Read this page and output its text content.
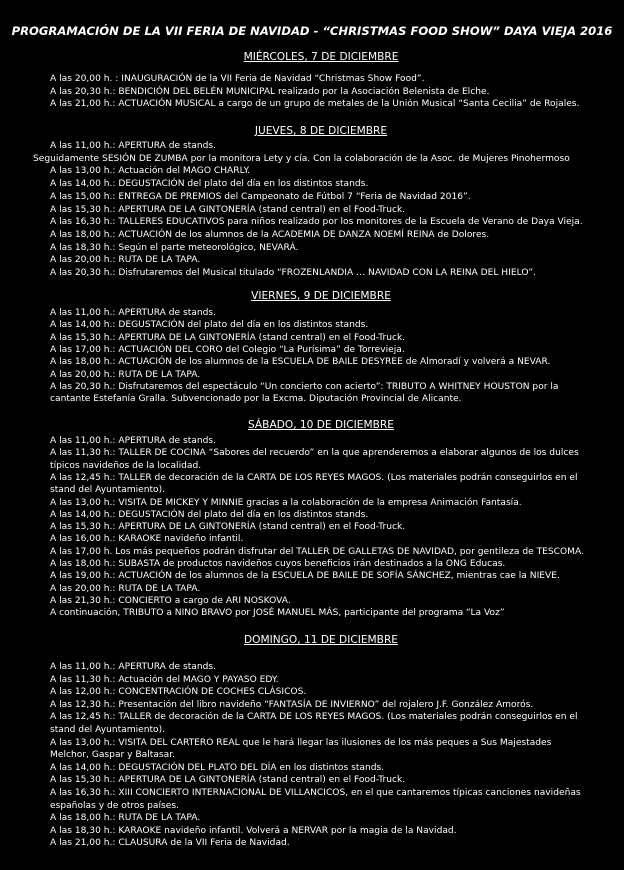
PROGRAMACIÓN DE LA VII FERIA DE NAVIDAD - “CHRISTMAS FOOD SHOW” DAYA VIEJA 2016
MIÉRCOLES, 7 DE DICIEMBRE
A las 20,00 h. : INAUGURACIÓN de la VII Feria de Navidad “Christmas Show Food”.
A las 20,30 h.: BENDICIÓN DEL BELÉN MUNICIPAL realizado por la Asociación Belenista de Elche.
A las 21,00 h.: ACTUACIÓN MUSICAL a cargo de un grupo de metales de la Unión Musical “Santa Cecilia” de Rojales.
JUEVES, 8 DE DICIEMBRE
A las 11,00 h.: APERTURA de stands.
Seguidamente SESIÓN DE ZUMBA por la monitora Lety y cía. Con la colaboración de la Asoc. de Mujeres Pinohermoso
A las 13,00 h.: Actuación del MAGO CHARLY.
A las 14,00 h.: DEGUSTACIÓN del plato del día en los distintos stands.
A las 15,00 h.: ENTREGA DE PREMIOS del Campeonato de Fútbol 7 “Feria de Navidad 2016”.
A las 15,30 h.: APERTURA DE LA GINTONERÍA (stand central) en el Food-Truck.
A las 16,30 h.: TALLERES EDUCATIVOS para niños realizado por los monitores de la Escuela de Verano de Daya Vieja.
A las 18,00 h.: ACTUACIÓN de los alumnos de la ACADEMIA DE DANZA NOEMÍ REINA de Dolores.
A las 18,30 h.: Según el parte meteorológico, NEVARÁ.
A las 20,00 h.: RUTA DE LA TAPA.
A las 20,30 h.: Disfrutaremos del Musical titulado “FROZENLANDIA … NAVIDAD CON LA REINA DEL HIELO”.
VIERNES, 9 DE DICIEMBRE
A las 11,00 h.: APERTURA de stands.
A las 14,00 h.: DEGUSTACIÓN del plato del día en los distintos stands.
A las 15,30 h.: APERTURA DE LA GINTONERÍA (stand central) en el Food-Truck.
A las 17,00 h.: ACTUACIÓN DEL CORO del Colegio “La Purísima” de Torrevieja.
A las 18,00 h.: ACTUACIÓN de los alumnos de la ESCUELA DE BAILE DESYREE de Almoradí y volverá a NEVAR.
A las 20,00 h.: RUTA DE LA TAPA.
A las 20,30 h.: Disfrutaremos del espectáculo “Un concierto con acierto”: TRIBUTO A WHITNEY HOUSTON por la
cantante Estefanía Gralla. Subvencionado por la Excma. Diputación Provincial de Alicante.
SÁBADO, 10 DE DICIEMBRE
A las 11,00 h.: APERTURA de stands.
A las 11,30 h.: TALLER DE COCINA “Sabores del recuerdo” en la que aprenderemos a elaborar algunos de los dulces
típicos navideños de la localidad.
A las 12,45 h.: TALLER de decoración de la CARTA DE LOS REYES MAGOS. (Los materiales podrán conseguirlos en el
stand del Ayuntamiento).
A las 13,00 h.: VISITA DE MICKEY Y MINNIE gracias a la colaboración de la empresa Animación Fantasía.
A las 14,00 h.: DEGUSTACIÓN del plato del día en los distintos stands.
A las 15,30 h.: APERTURA DE LA GINTONERÍA (stand central) en el Food-Truck.
A las 16,00 h.: KARAOKE navideño infantil.
A las 17,00 h. Los más pequeños podrán disfrutar del TALLER DE GALLETAS DE NAVIDAD, por gentileza de TESCOMA.
A las 18,00 h.: SUBASTA de productos navideños cuyos beneficios irán destinados a la ONG Educas.
A las 19,00 h.: ACTUACIÓN de los alumnos de la ESCUELA DE BAILE DE SOFÍA SÁNCHEZ, mientras cae la NIEVE.
A las 20,00 h.: RUTA DE LA TAPA.
A las 21,30 h.: CONCIERTO a cargo de ARI NOSKOVA.
A continuación, TRIBUTO a NINO BRAVO por JOSÉ MANUEL MÁS, participante del programa “La Voz”
DOMINGO, 11 DE DICIEMBRE
A las 11,00 h.: APERTURA de stands.
A las 11,30 h.: Actuación del MAGO Y PAYASO EDY.
A las 12,00 h.: CONCENTRACIÓN DE COCHES CLÁSICOS.
A las 12,30 h.: Presentación del libro navideño “FANTASÍA DE INVIERNO” del rojalero J.F. González Amorós.
A las 12,45 h.: TALLER de decoración de la CARTA DE LOS REYES MAGOS. (Los materiales podrán conseguirlos en el
stand del Ayuntamiento).
A las 13,00 h.: VISITA DEL CARTERO REAL que le hará llegar las ilusiones de los más peques a Sus Majestades
Melchor, Gaspar y Baltasar.
A las 14,00 h.: DEGUSTACIÓN DEL PLATO DEL DÍA en los distintos stands.
A las 15,30 h.: APERTURA DE LA GINTONERÍA (stand central) en el Food-Truck.
A las 16,30 h.: XIII CONCIERTO INTERNACIONAL DE VILLANCICOS, en el que cantaremos típicas canciones navideñas
españolas y de otros países.
A las 18,00 h.: RUTA DE LA TAPA.
A las 18,30 h.: KARAOKE navideño infantil. Volverá a NERVAR por la magia de la Navidad.
A las 21,00 h.: CLAUSURA de la VII Feria de Navidad.
